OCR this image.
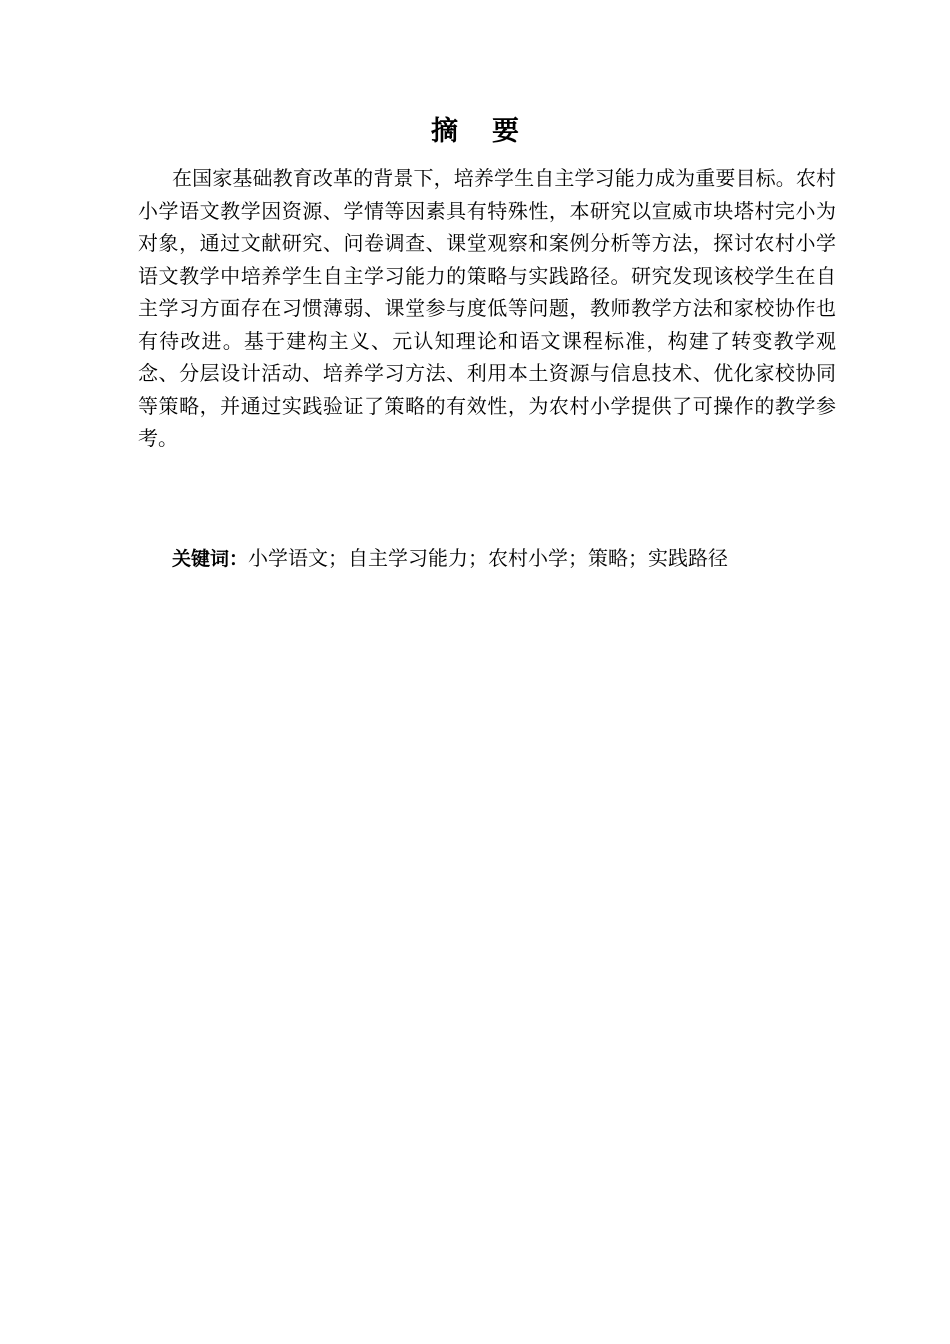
摘要

在国家基础教育改革的背景下，培养学生自主学习能力成为重要目标。农村小学语文教学因资源、学情等因素具有特殊性，本研究以宣威市块塔村完小为对象，通过文献研究、问卷调查、课堂观察和案例分析等方法，探讨农村小学语文教学中培养学生自主学习能力的策略与实践路径。研究发现该校学生在自主学习方面存在习惯薄弱、课堂参与度低等问题，教师教学方法和家校协作也有待改进。基于建构主义、元认知理论和语文课程标准，构建了转变教学观念、分层设计活动、培养学习方法、利用本土资源与信息技术、优化家校协同等策略，并通过实践验证了策略的有效性，为农村小学提供了可操作的教学参考。

关键词：小学语文；自主学习能力；农村小学；策略；实践路径
